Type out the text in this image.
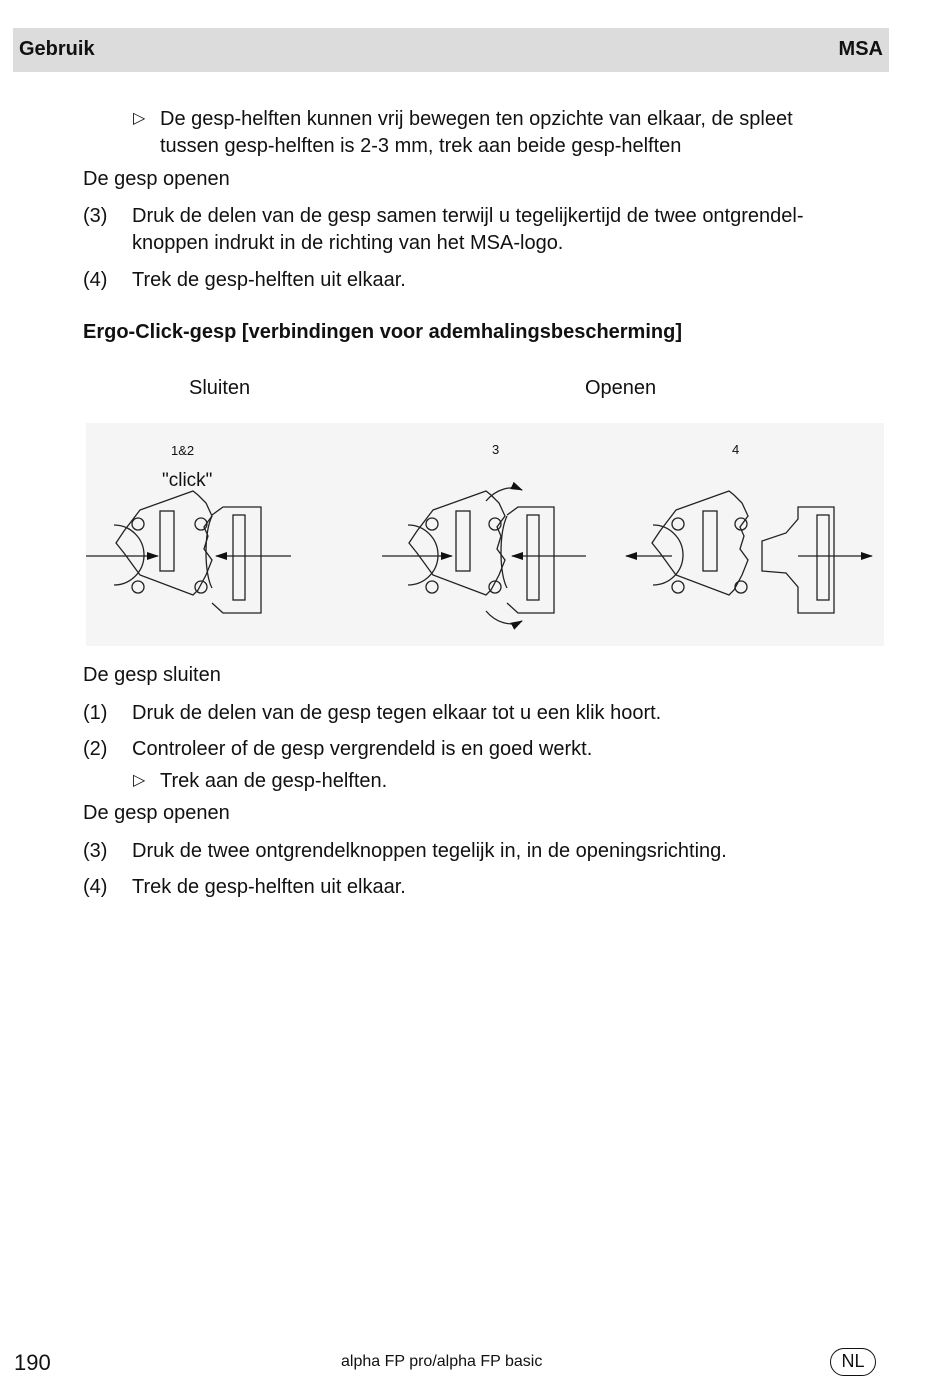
Gebruik	MSA
▷ De gesp-helften kunnen vrij bewegen ten opzichte van elkaar, de spleet
tussen gesp-helften is 2-3 mm, trek aan beide gesp-helften
De gesp openen
(3) Druk de delen van de gesp samen terwijl u tegelijkertijd de twee ontgrendel-
knoppen indrukt in de richting van het MSA-logo.
(4) Trek de gesp-helften uit elkaar.
Ergo-Click-gesp [verbindingen voor ademhalingsbescherming]
Sluiten	Openen
1&2
"click"
3	4
De gesp sluiten
(1) Druk de delen van de gesp tegen elkaar tot u een klik hoort.
(2) Controleer of de gesp vergrendeld is en goed werkt.
▷ Trek aan de gesp-helften.
De gesp openen
(3) Druk de twee ontgrendelknoppen tegelijk in, in de openingsrichting.
(4) Trek de gesp-helften uit elkaar.
190	alpha FP pro/alpha FP basic	NL
